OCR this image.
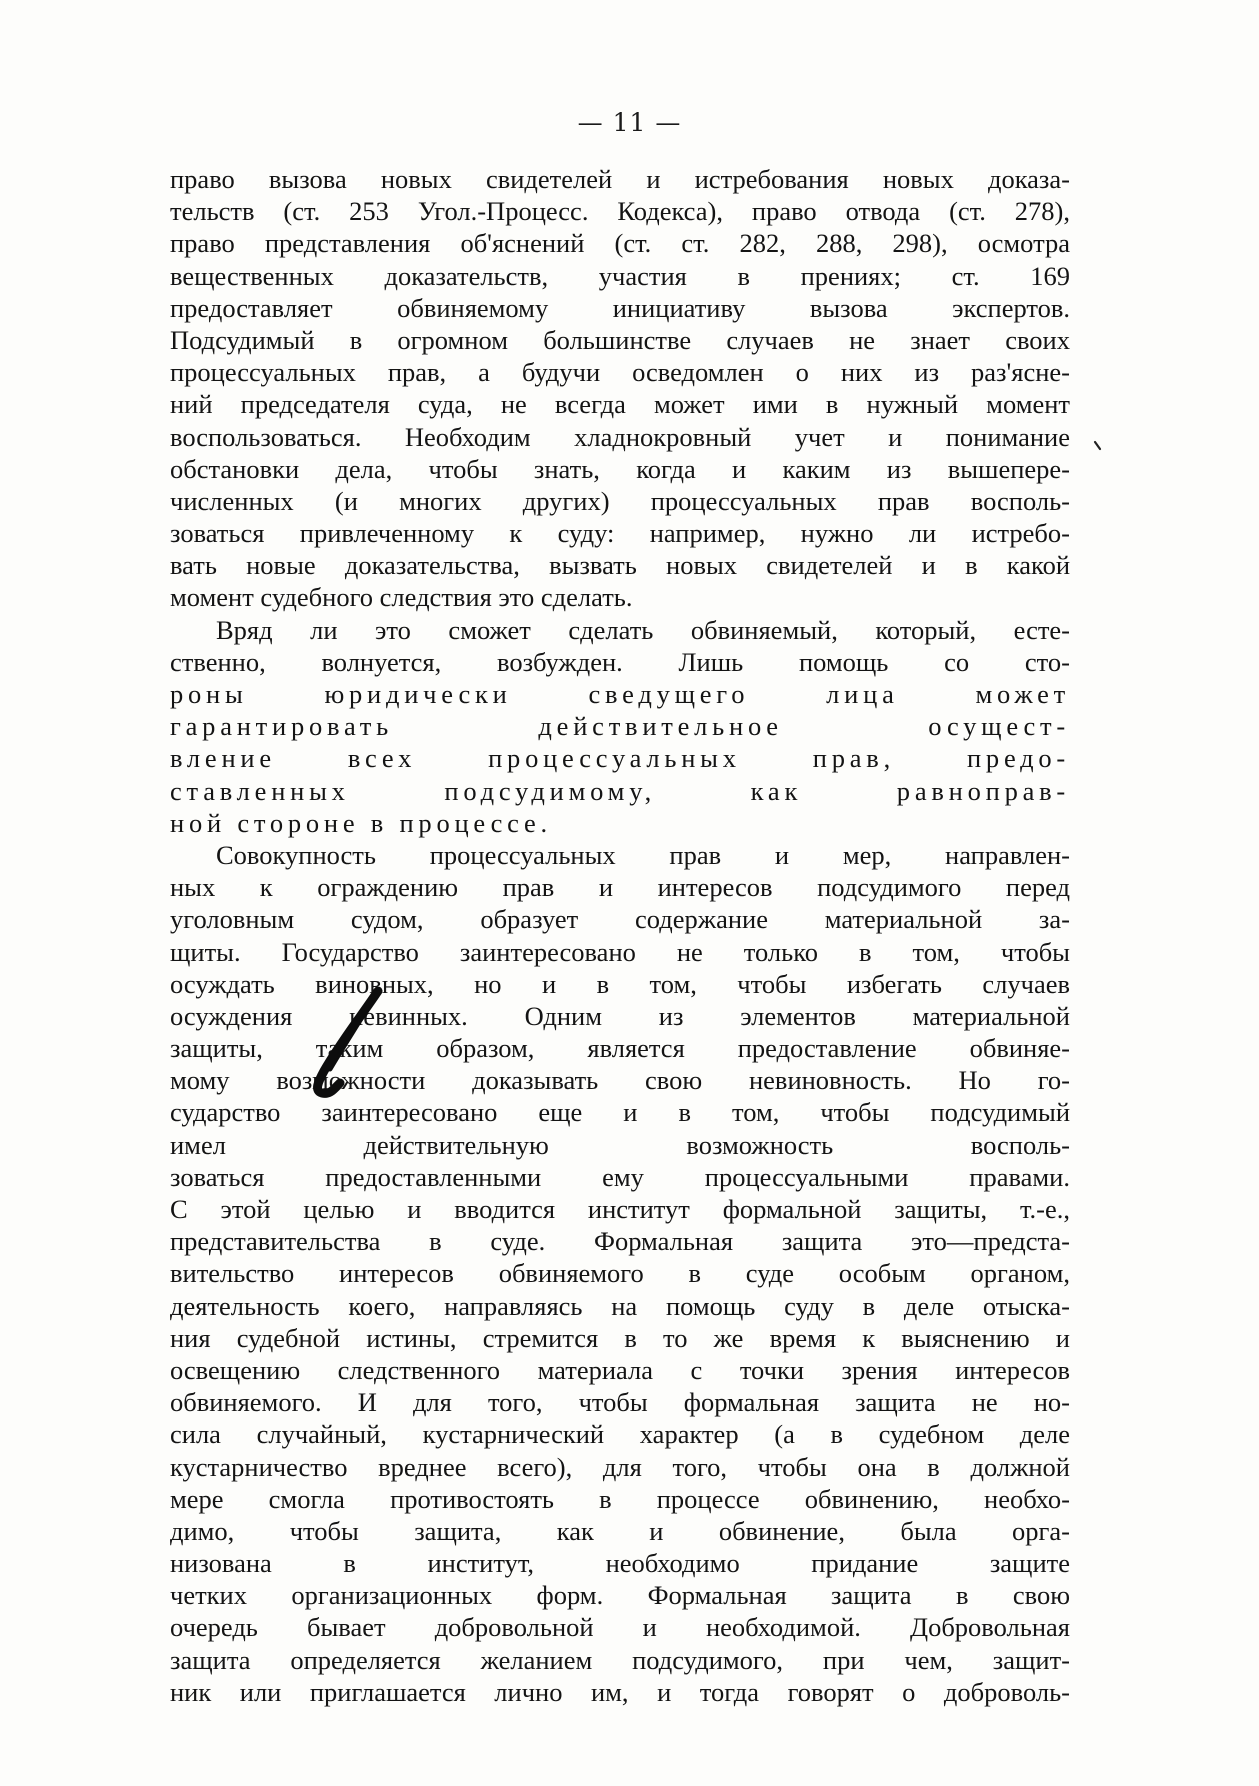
— 11 —
право вызова новых свидетелей и истребования новых доказа-
тельств (ст. 253 Угол.-Процесс. Кодекса), право отвода (ст. 278),
право представления об'яснений (ст. ст. 282, 288, 298), осмотра
вещественных доказательств, участия в прениях; ст. 169
предоставляет обвиняемому инициативу вызова экспертов.
Подсудимый в огромном большинстве случаев не знает своих
процессуальных прав, а будучи осведомлен о них из раз'ясне-
ний председателя суда, не всегда может ими в нужный момент
воспользоваться. Необходим хладнокровный учет и понимание
обстановки дела, чтобы знать, когда и каким из вышепере-
численных (и многих других) процессуальных прав восполь-
зоваться привлеченному к суду: например, нужно ли истребо-
вать новые доказательства, вызвать новых свидетелей и в какой
момент судебного следствия это сделать.
Вряд ли это сможет сделать обвиняемый, который, есте-
ственно, волнуется, возбужден. Лишь помощь со сто-
роны юридически сведущего лица может
гарантировать действительное осущест-
вление всех процессуальных прав, предо-
ставленных подсудимому, как равноправ-
ной стороне в процессе.
Совокупность процессуальных прав и мер, направлен-
ных к ограждению прав и интересов подсудимого перед
уголовным судом, образует содержание материальной за-
щиты. Государство заинтересовано не только в том, чтобы
осуждать виновных, но и в том, чтобы избегать случаев
осуждения невинных. Одним из элементов материальной
защиты, таким образом, является предоставление обвиняе-
мому возможности доказывать свою невиновность. Но го-
сударство заинтересовано еще и в том, чтобы подсудимый
имел действительную возможность восполь-
зоваться предоставленными ему процессуальными правами.
С этой целью и вводится институт формальной защиты, т.-е.,
представительства в суде. Формальная защита это—предста-
вительство интересов обвиняемого в суде особым органом,
деятельность коего, направляясь на помощь суду в деле отыска-
ния судебной истины, стремится в то же время к выяснению и
освещению следственного материала с точки зрения интересов
обвиняемого. И для того, чтобы формальная защита не но-
сила случайный, кустарнический характер (а в судебном деле
кустарничество вреднее всего), для того, чтобы она в должной
мере смогла противостоять в процессе обвинению, необхо-
димо, чтобы защита, как и обвинение, была орга-
низована в институт, необходимо придание защите
четких организационных форм. Формальная защита в свою
очередь бывает добровольной и необходимой. Добровольная
защита определяется желанием подсудимого, при чем, защит-
ник или приглашается лично им, и тогда говорят о доброволь-
